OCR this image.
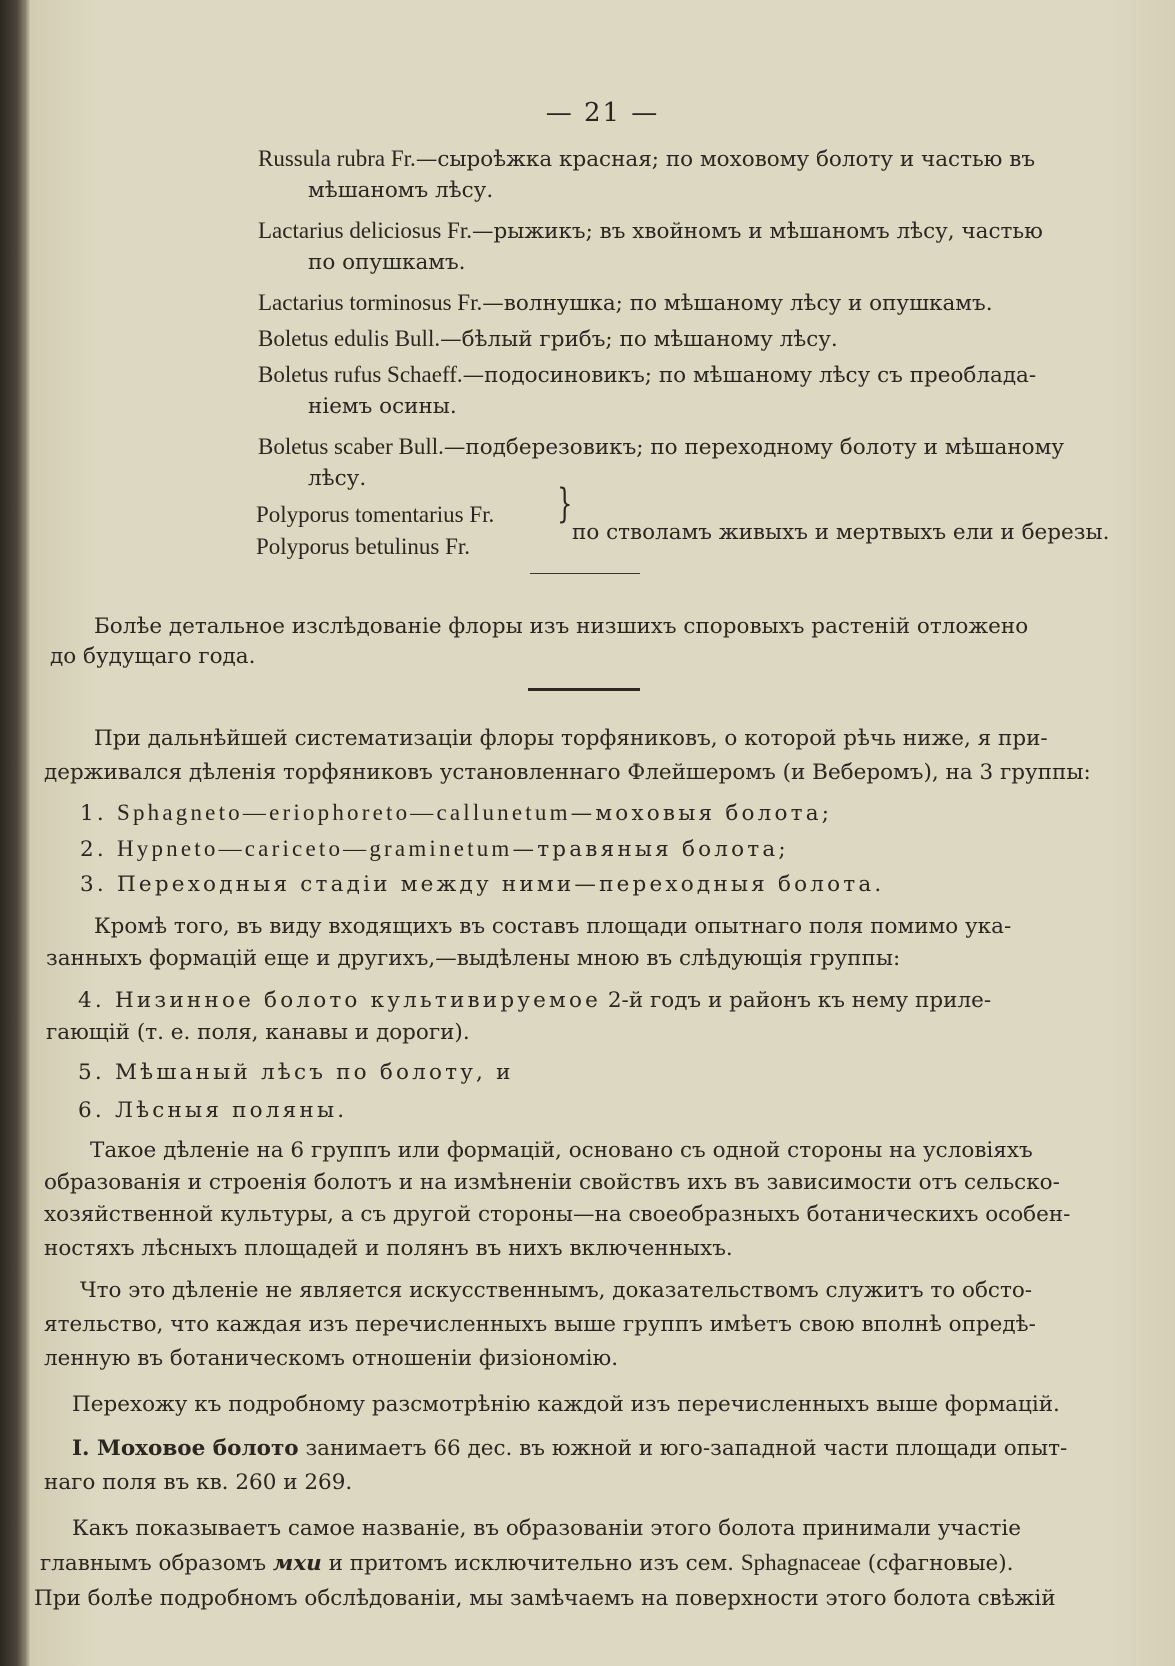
— 21 —

Russula rubra Fr.—сыроѣжка красная; по моховому болоту и частью въ

мѣшаномъ лѣсу.

Lactarius deliciosus Fr.—рыжикъ; въ хвойномъ и мѣшаномъ лѣсу, частью

по опушкамъ.

Lactarius torminosus Fr.—волнушка; по мѣшаному лѣсу и опушкамъ.

Boletus edulis Bull.—бѣлый грибъ; по мѣшаному лѣсу.

Boletus rufus Schaeff.—подосиновикъ; по мѣшаному лѣсу съ преоблада-

ніемъ осины.

Boletus scaber Bull.—подберезовикъ; по переходному болоту и мѣшаному

лѣсу.

Polyporus tomentarius Fr.

Polyporus betulinus Fr.

}

по стволамъ живыхъ и мертвыхъ ели и березы.

Болѣе детальное изслѣдованіе флоры изъ низшихъ споровыхъ растеній отложено

до будущаго года.

При дальнѣйшей систематизаціи флоры торфяниковъ, о которой рѣчь ниже, я при-

держивался дѣленія торфяниковъ установленнаго Флейшеромъ (и Веберомъ), на 3 группы:

1. Sphagneto—eriophoreto—callunetum—моховыя болота;

2. Hypneto—cariceto—graminetum—травяныя болота;

3. Переходныя стадіи между ними—переходныя болота.

Кромѣ того, въ виду входящихъ въ составъ площади опытнаго поля помимо ука-

занныхъ формацій еще и другихъ,—выдѣлены мною въ слѣдующія группы:

4. Низинное болото культивируемое 2-й годъ и районъ къ нему приле-

гающій (т. е. поля, канавы и дороги).

5. Мѣшаный лѣсъ по болоту, и

6. Лѣсныя поляны.

Такое дѣленіе на 6 группъ или формацій, основано съ одной стороны на условіяхъ

образованія и строенія болотъ и на измѣненіи свойствъ ихъ въ зависимости отъ сельско-

хозяйственной культуры, а съ другой стороны—на своеобразныхъ ботаническихъ особен-

ностяхъ лѣсныхъ площадей и полянъ въ нихъ включенныхъ.

Что это дѣленіе не является искусственнымъ, доказательствомъ служитъ то обсто-

ятельство, что каждая изъ перечисленныхъ выше группъ имѣетъ свою вполнѣ опредѣ-

ленную въ ботаническомъ отношеніи физіономію.

Перехожу къ подробному разсмотрѣнію каждой изъ перечисленныхъ выше формацій.

I. Моховое болото занимаетъ 66 дес. въ южной и юго-западной части площади опыт-

наго поля въ кв. 260 и 269.

Какъ показываетъ самое названіе, въ образованіи этого болота принимали участіе

главнымъ образомъ мхи и притомъ исключительно изъ сем. Sphagnaceae (сфагновые).

При болѣе подробномъ обслѣдованіи, мы замѣчаемъ на поверхности этого болота свѣжій
